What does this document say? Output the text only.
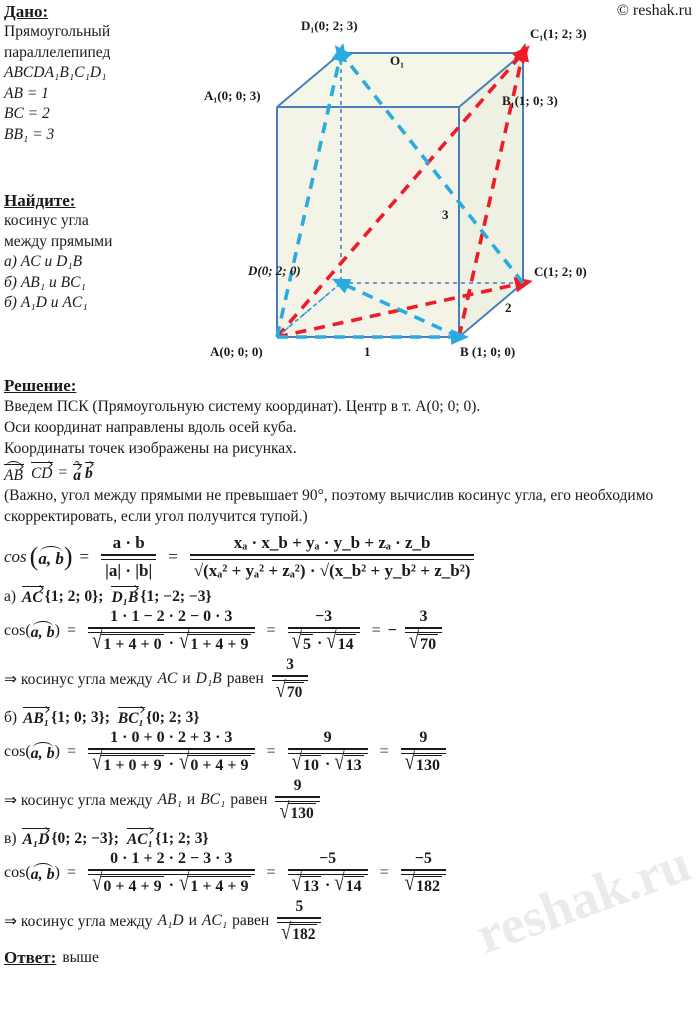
© reshak.ru
Дано:
Прямоугольный
параллелепипед
ABCDA₁B₁C₁D₁
AB = 1
BC = 2
BB₁ = 3
Найдите:
косинус угла
между прямыми
а) AC и D₁B
б) AB₁ и BC₁
б) A₁D и AC₁
D₁(0; 2; 3)
C₁(1; 2; 3)
A₁(0; 0; 3)	B₁(1; 0; 3)
O₁
D(0; 2; 0)	C(1; 2; 0)
A(0; 0; 0)	B (1; 0; 0)
1
2
3
Решение:
Введем ПСК (Прямоугольную систему координат). Центр в т. A(0; 0; 0).
Оси координат направлены вдоль осей куба.
Координаты точек изображены на рисунках.
AB CD = a b
(Важно, угол между прямыми не превышает 90°, поэтому вычислив косинус угла, его необходимо скорректировать, если угол получится тупой.)
cos ( a, b ) =
a · b
|a| · |b|
=
xₐ · x_b + yₐ · y_b + zₐ · z_b
√(xₐ² + yₐ² + zₐ²) · √(x_b² + y_b² + z_b²)
а) AC {1; 2; 0}; D₁B {1; −2; −3}
cos ( a, b ) =
1 · 1 − 2 · 2 − 0 · 3
√ 1 + 4 + 0 · √ 1 + 4 + 9
=
−3
√ 5 · √ 14
= −
3
√ 70
⇒ косинус угла между AC и D₁B равен
3
√ 70
б) AB₁ {1; 0; 3}; BC₁ {0; 2; 3}
cos ( a, b ) =
1 · 0 + 0 · 2 + 3 · 3
√ 1 + 0 + 9 · √ 0 + 4 + 9
=
9
√ 10 · √ 13
=
9
√ 130
⇒ косинус угла между AB₁ и BC₁ равен
9
√ 130
в) A₁D {0; 2; −3}; AC₁ {1; 2; 3}
cos ( a, b ) =
0 · 1 + 2 · 2 − 3 · 3
√ 0 + 4 + 9 · √ 1 + 4 + 9
=
−5
√ 13 · √ 14
=
−5
√ 182
⇒ косинус угла между A₁D и AC₁ равен
5
√ 182
Ответ: выше	reshak.ru
